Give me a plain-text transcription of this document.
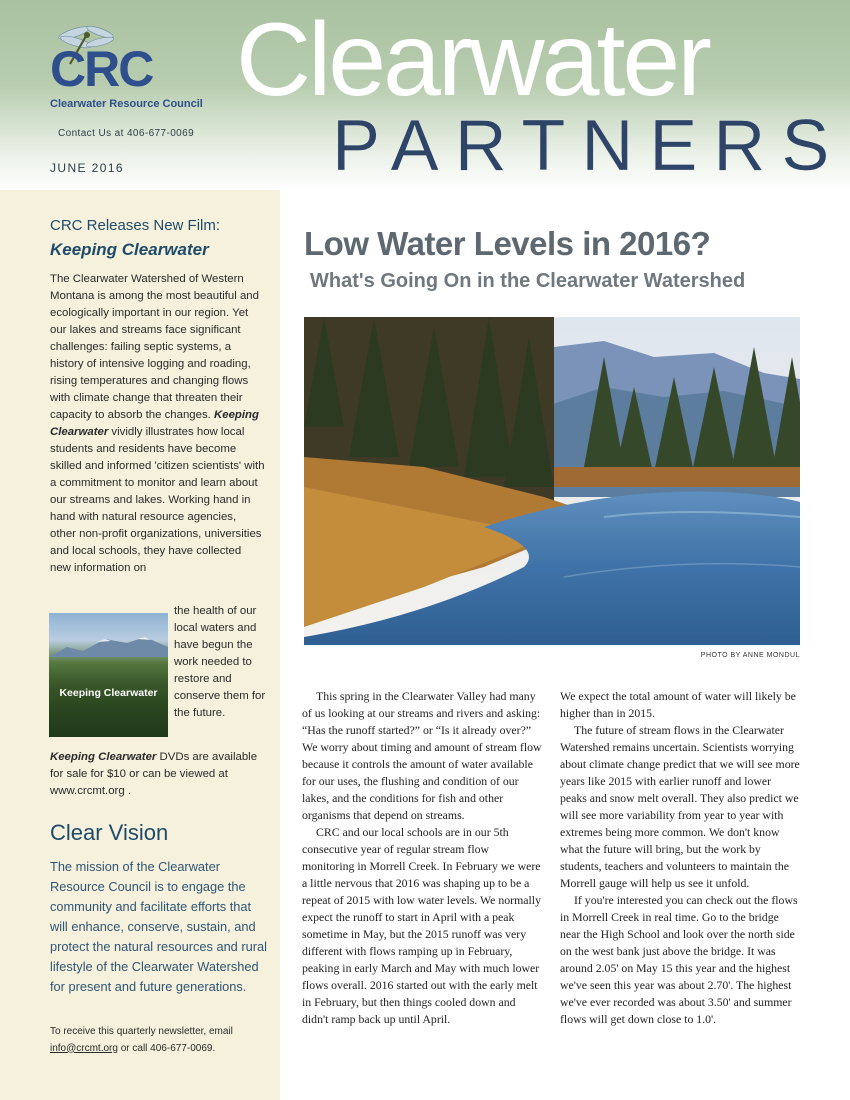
CRC
Clearwater Resource Council
Contact Us at 406-677-0069
JUNE 2016
Clearwater
PARTNERS
CRC Releases New Film:
Keeping Clearwater
The Clearwater Watershed of Western Montana is among the most beautiful and ecologically important in our region. Yet our lakes and streams face significant challenges: failing septic systems, a history of intensive logging and roading, rising temperatures and changing flows with climate change that threaten their capacity to absorb the changes. Keeping Clearwater vividly illustrates how local students and residents have become skilled and informed 'citizen scientists' with a commitment to monitor and learn about our streams and lakes. Working hand in hand with natural resource agencies, other non-profit organizations, universities and local schools, they have collected new information on
Keeping Clearwater
the health of our local waters and have begun the work needed to restore and conserve them for the future.
Keeping Clearwater DVDs are available for sale for $10 or can be viewed at www.crcmt.org .
Clear Vision
The mission of the Clearwater Resource Council is to engage the community and facilitate efforts that will enhance, conserve, sustain, and protect the natural resources and rural lifestyle of the Clearwater Watershed for present and future generations.
To receive this quarterly newsletter, email info@crcmt.org or call 406-677-0069.
Low Water Levels in 2016?
What's Going On in the Clearwater Watershed
PHOTO BY ANNE MONDUL

This spring in the Clearwater Valley had many of us looking at our streams and rivers and asking: “Has the runoff started?” or “Is it already over?” We worry about timing and amount of stream flow because it controls the amount of water available for our uses, the flushing and condition of our lakes, and the conditions for fish and other organisms that depend on streams.

CRC and our local schools are in our 5th consecutive year of regular stream flow monitoring in Morrell Creek. In February we were a little nervous that 2016 was shaping up to be a repeat of 2015 with low water levels. We normally expect the runoff to start in April with a peak sometime in May, but the 2015 runoff was very different with flows ramping up in February, peaking in early March and May with much lower flows overall. 2016 started out with the early melt in February, but then things cooled down and didn't ramp back up until April.

We expect the total amount of water will likely be higher than in 2015.

The future of stream flows in the Clearwater Watershed remains uncertain. Scientists worrying about climate change predict that we will see more years like 2015 with earlier runoff and lower peaks and snow melt overall. They also predict we will see more variability from year to year with extremes being more common. We don't know what the future will bring, but the work by students, teachers and volunteers to maintain the Morrell gauge will help us see it unfold.

If you're interested you can check out the flows in Morrell Creek in real time. Go to the bridge near the High School and look over the north side on the west bank just above the bridge. It was around 2.05' on May 15 this year and the highest we've seen this year was about 2.70'. The highest we've ever recorded was about 3.50' and summer flows will get down close to 1.0'.
